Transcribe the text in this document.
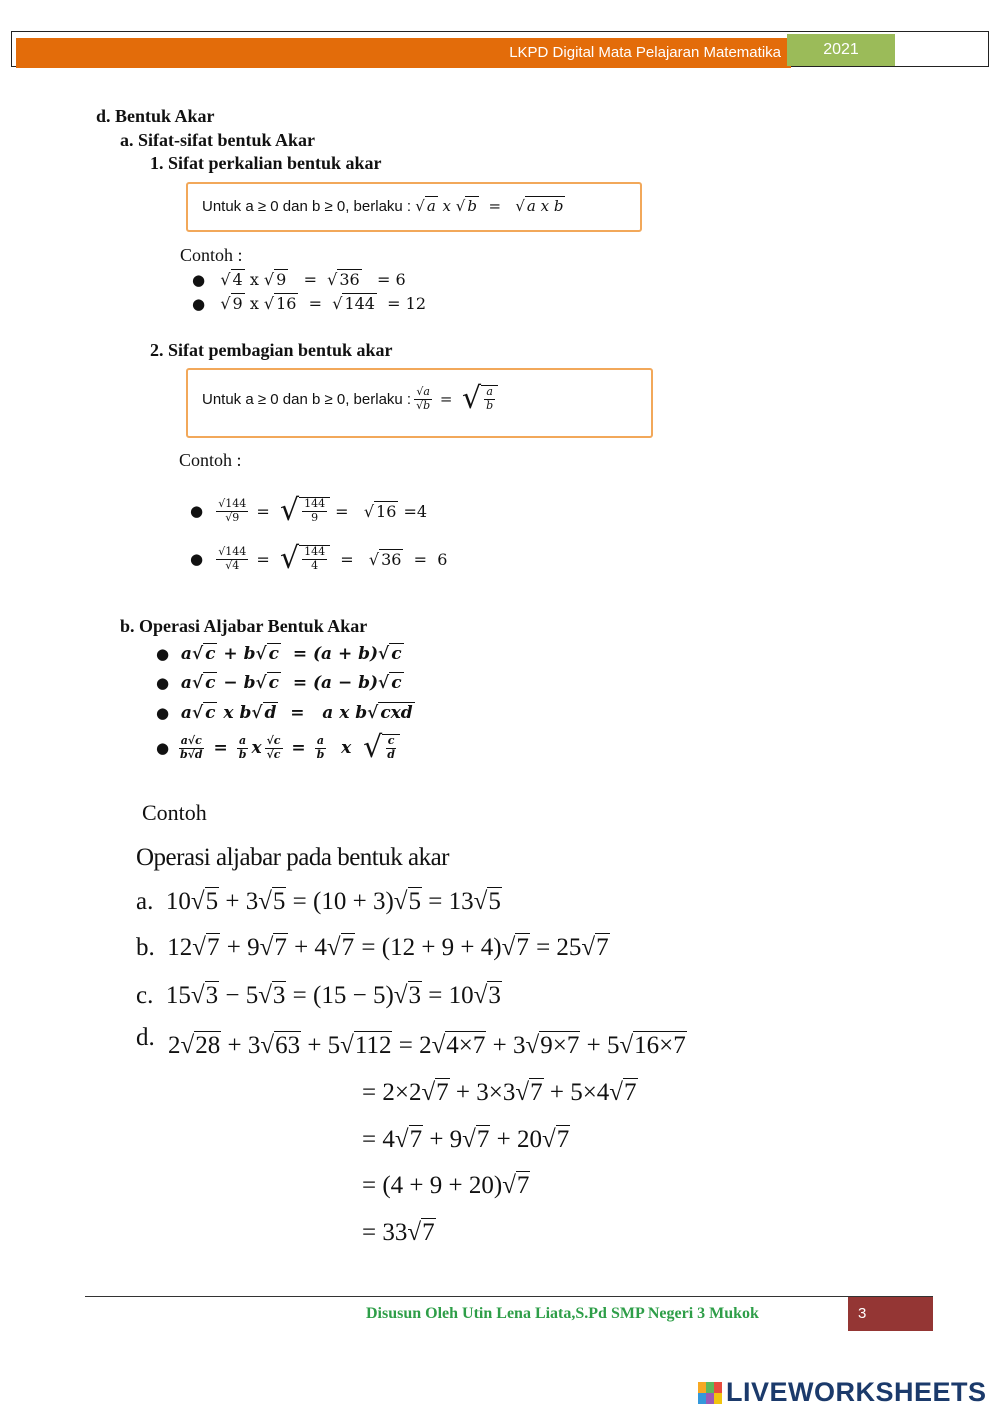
LKPD Digital Mata Pelajaran Matematika	2021
d. Bentuk Akar
a. Sifat-sifat bentuk Akar
1. Sifat perkalian bentuk akar
Untuk a ≥ 0 dan b ≥ 0, berlaku : √ a x √ b  =   √ a x b
Contoh :
●   √ 4 x √ 9   =  √ 36   = 6
●   √ 9 x √ 16  =  √ 144  = 12
2. Sifat pembagian bentuk akar
Untuk a ≥ 0 dan b ≥ 0, berlaku : $\frac{√a}{√b}$ = √ $\frac{a}{b}$
Contoh :
●
$\frac{√144}{√9}$ = √ $\frac{144}{9}$ =   √ 16 = 4
●
$\frac{√144}{√4}$ = √ $\frac{144}{4}$ =   √ 36 = 6
b. Operasi Aljabar Bentuk Akar
●  a√ c + b√ c  = (a + b)√ c
●  a√ c − b√ c  = (a − b)√ c
●  a√ c x b√ d  =   a x b√ cxd
●
$\frac{a√c}{b√d} = \frac{a}{b}$ x $\frac{√c}{√c} = \frac{a}{b}$ x √ $\frac{c}{d}$
Contoh
Operasi aljabar pada bentuk akar
a.  10√5 + 3√5 = (10 + 3)√5 = 13√5
b.  12√7 + 9√7 + 4√7 = (12 + 9 + 4)√7 = 25√7
c.  15√3 − 5√3 = (15 − 5)√3 = 10√3
d. 2√28 + 3√63 + 5√112 = 2√4×7 + 3√9×7 + 5√16×7
= 2×2√7 + 3×3√7 + 5×4√7
= 4√7 + 9√7 + 20√7
= (4 + 9 + 20)√7
= 33√7
Disusun Oleh Utin Lena Liata,S.Pd SMP Negeri 3 Mukok	3
LIVEWORKSHEETS
